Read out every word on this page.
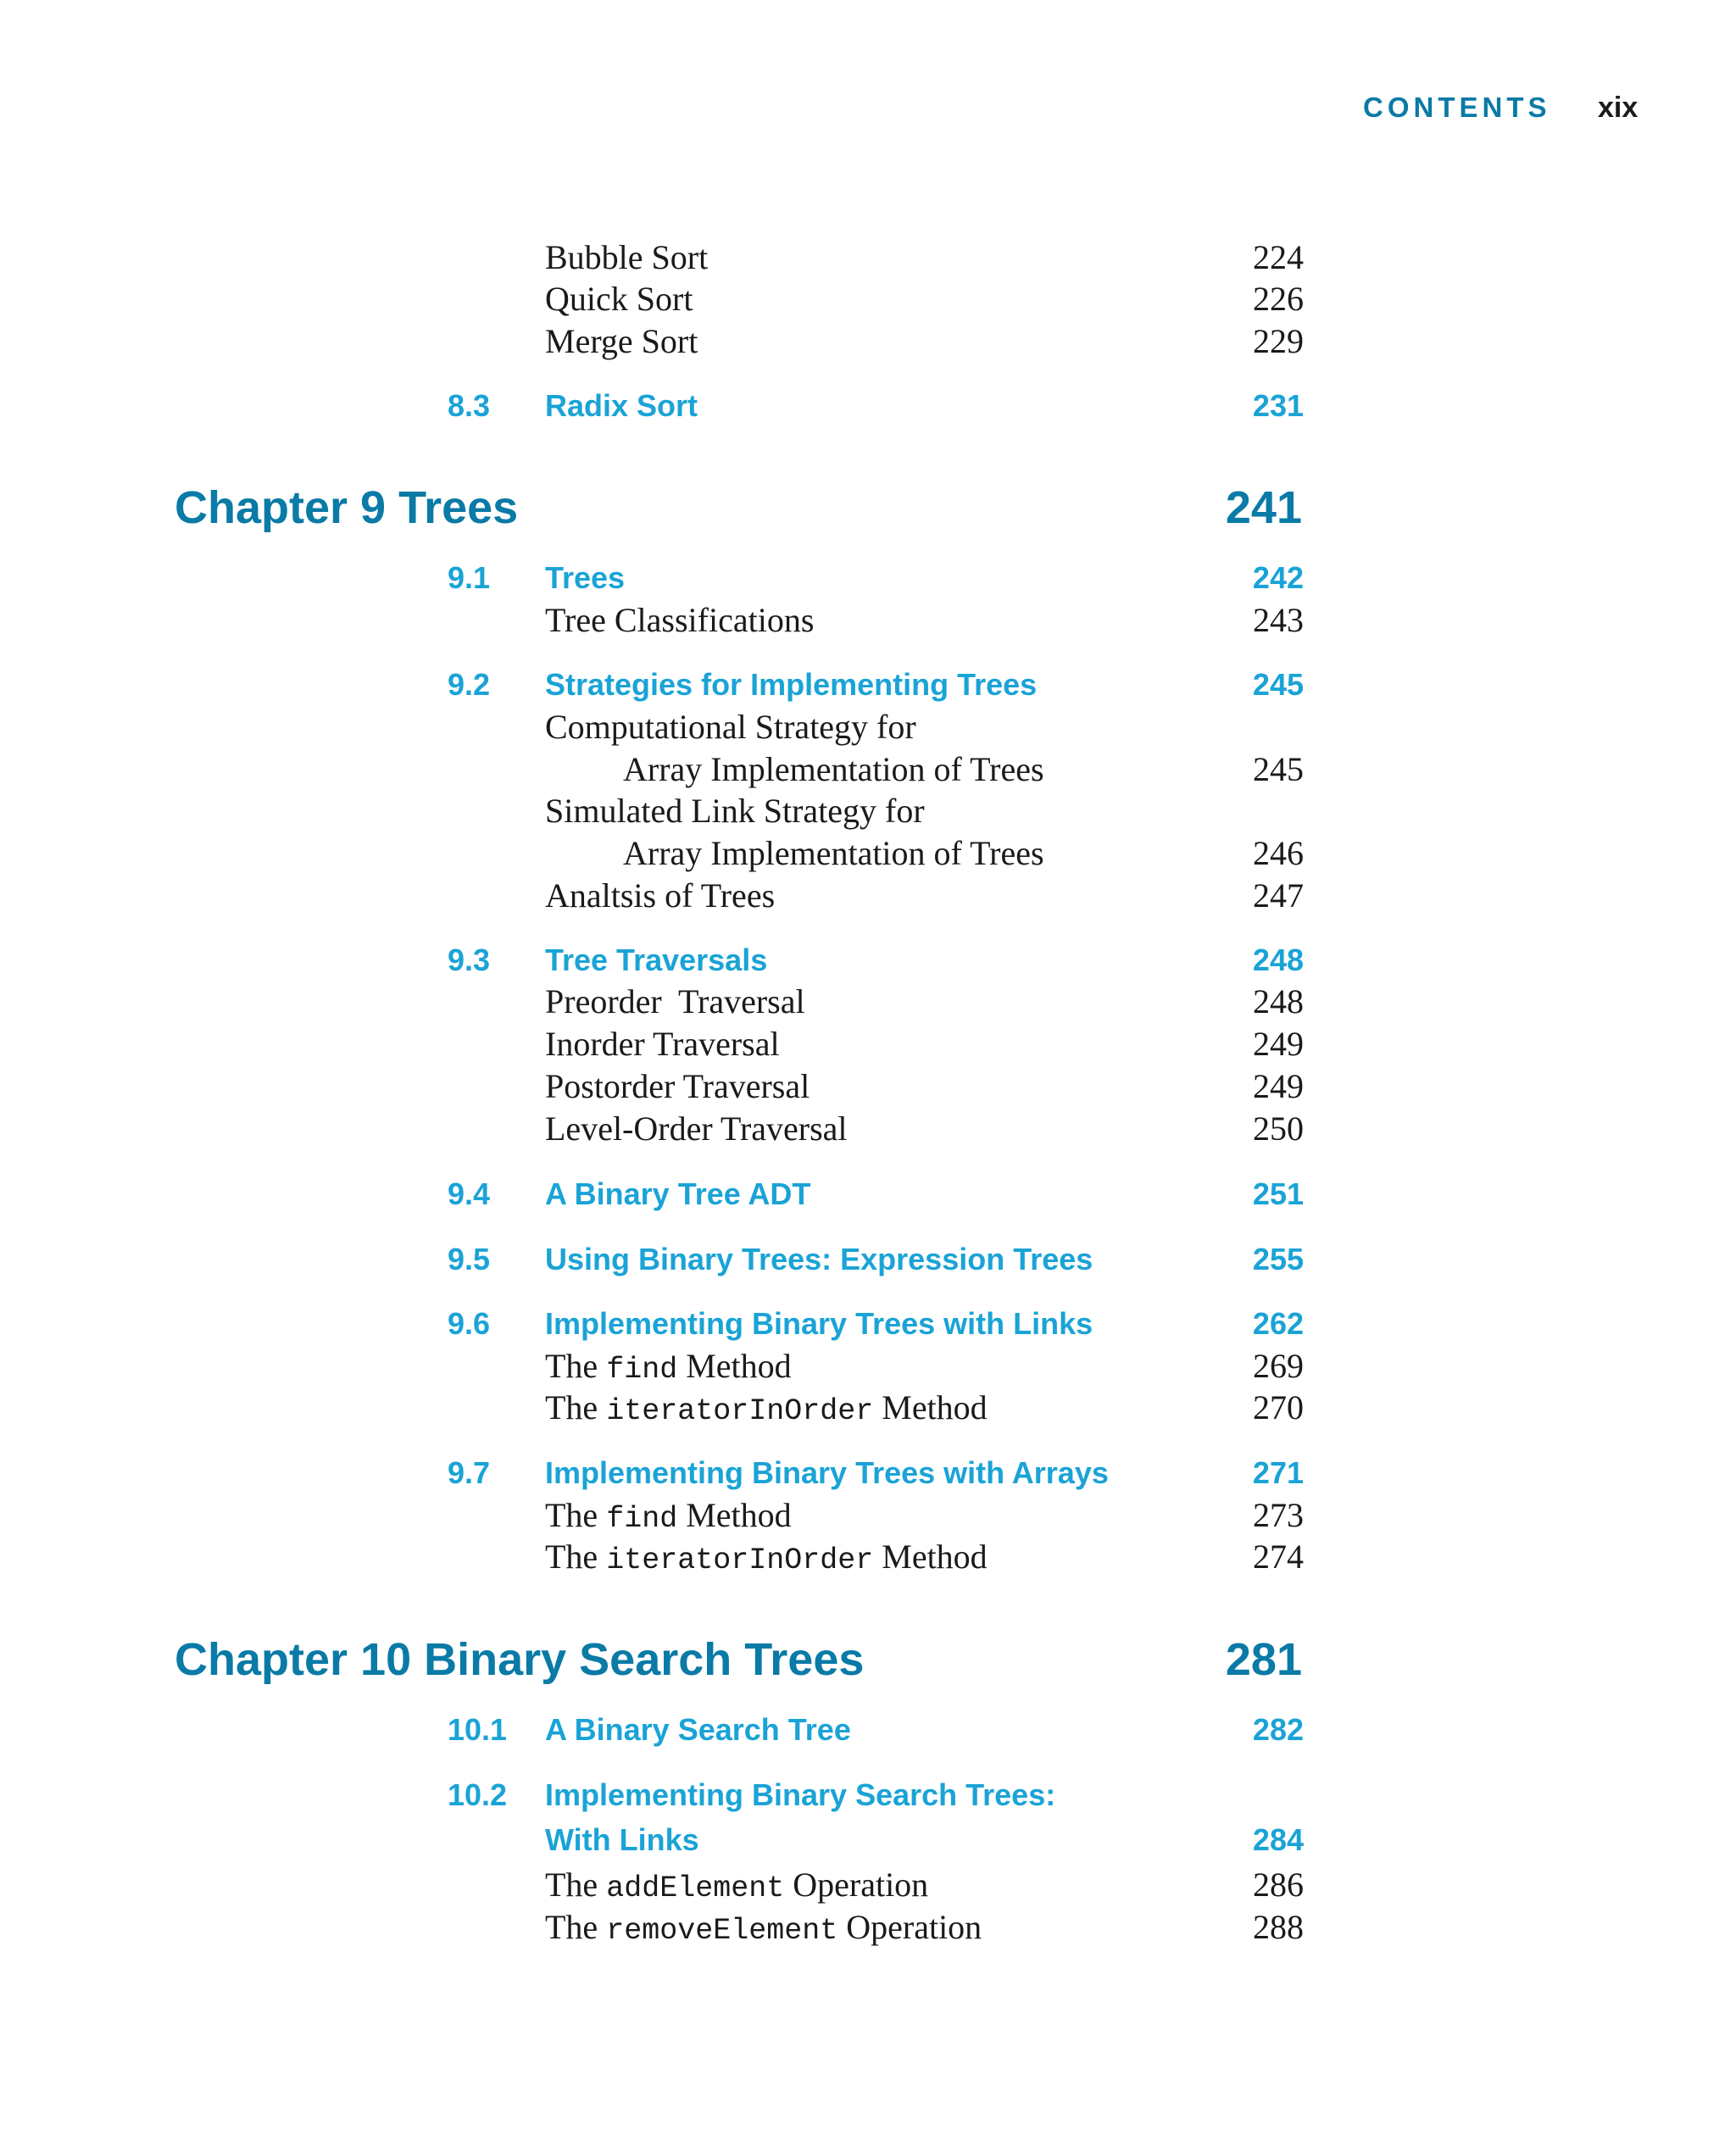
CONTENTS xix
Bubble Sort	224
Quick Sort	226
Merge Sort	229
8.3 Radix Sort	231
Chapter 9 Trees	241
9.1 Trees	242
Tree Classifications	243
9.2 Strategies for Implementing Trees	245
Computational Strategy for
Array Implementation of Trees	245
Simulated Link Strategy for
Array Implementation of Trees	246
Analtsis of Trees	247
9.3 Tree Traversals	248
Preorder  Traversal	248
Inorder Traversal	249
Postorder Traversal	249
Level-Order Traversal	250
9.4 A Binary Tree ADT	251
9.5 Using Binary Trees: Expression Trees	255
9.6 Implementing Binary Trees with Links	262
The find Method	269
The iteratorInOrder Method	270
9.7 Implementing Binary Trees with Arrays	271
The find Method	273
The iteratorInOrder Method	274
Chapter 10 Binary Search Trees	281
10.1 A Binary Search Tree	282
10.2 Implementing Binary Search Trees:
With Links	284
The addElement Operation	286
The removeElement Operation	288
